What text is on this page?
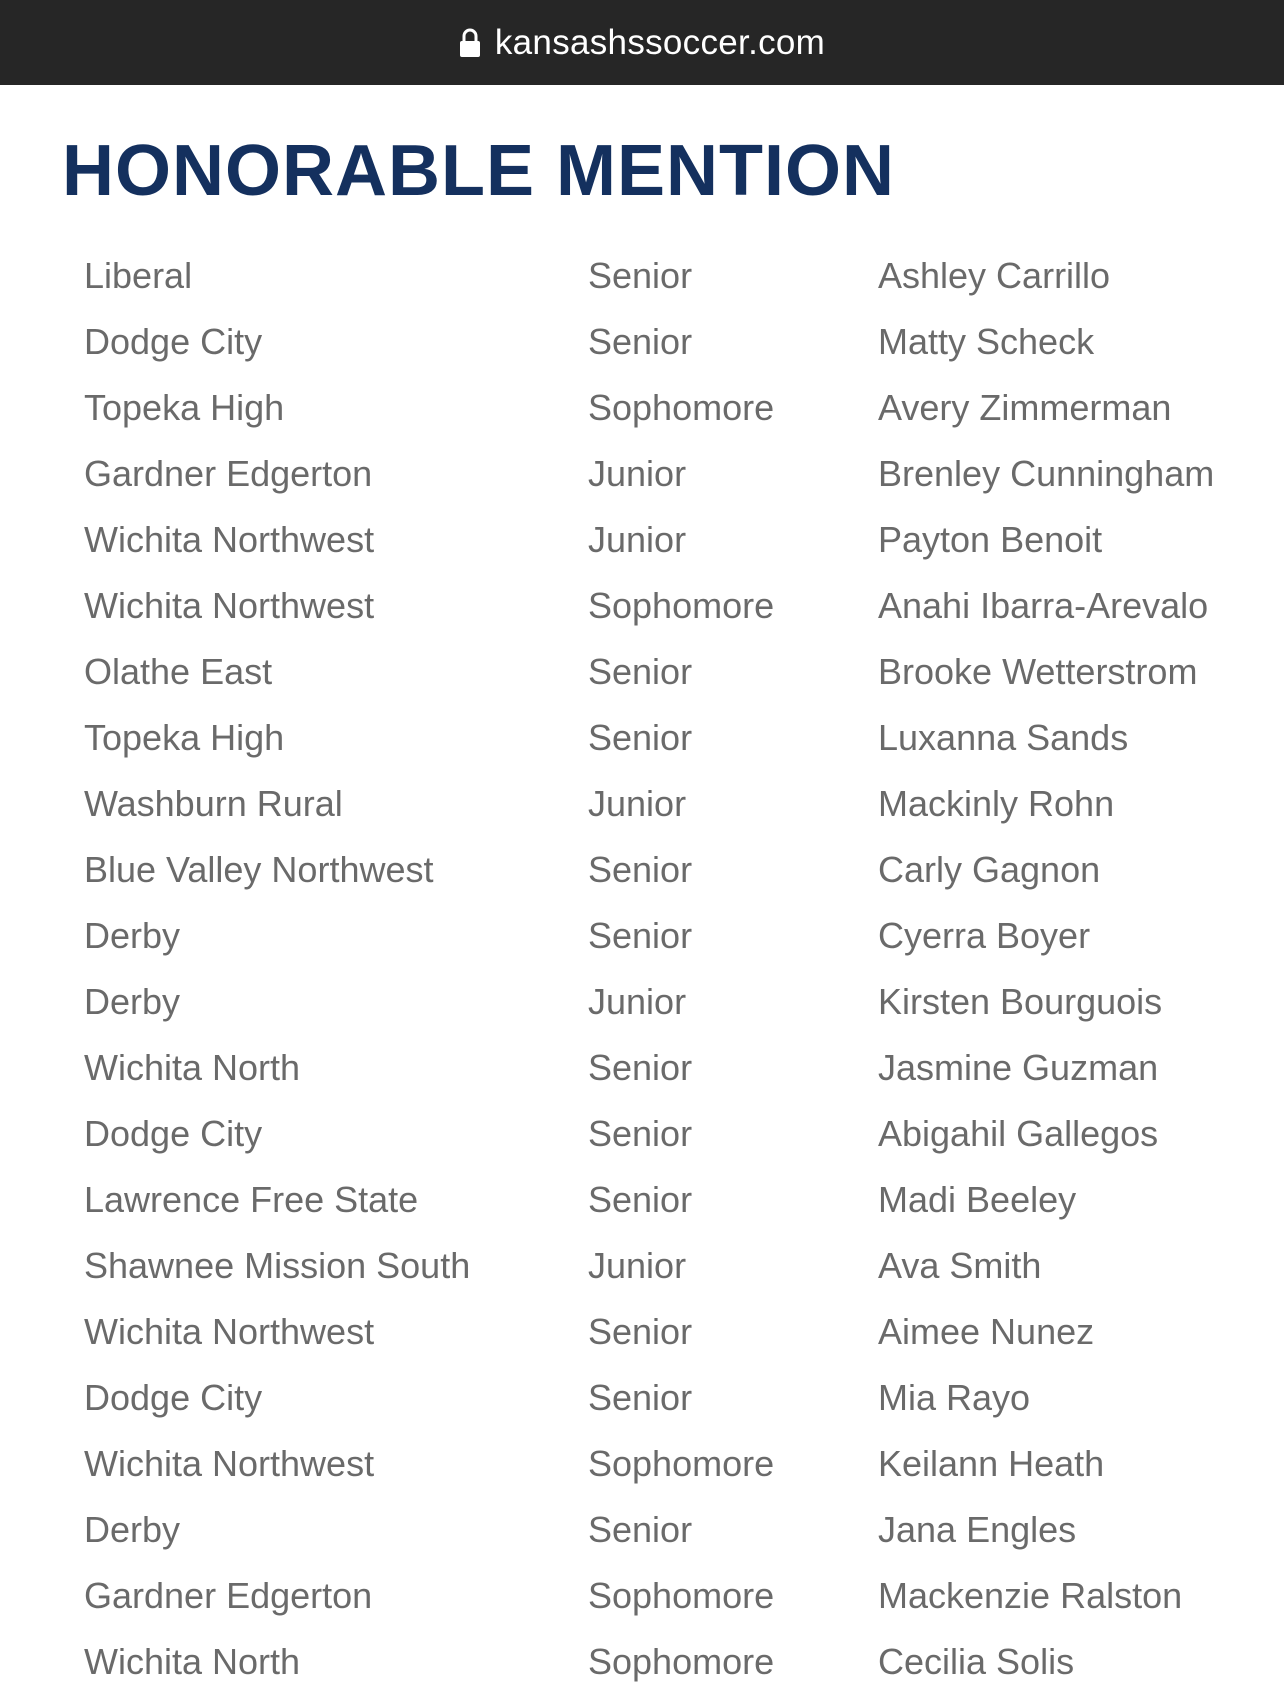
kansashssoccer.com
HONORABLE MENTION
Liberal	Senior	Ashley Carrillo
Dodge City	Senior	Matty Scheck
Topeka High	Sophomore	Avery Zimmerman
Gardner Edgerton	Junior	Brenley Cunningham
Wichita Northwest	Junior	Payton Benoit
Wichita Northwest	Sophomore	Anahi Ibarra-Arevalo
Olathe East	Senior	Brooke Wetterstrom
Topeka High	Senior	Luxanna Sands
Washburn Rural	Junior	Mackinly Rohn
Blue Valley Northwest	Senior	Carly Gagnon
Derby	Senior	Cyerra Boyer
Derby	Junior	Kirsten Bourguois
Wichita North	Senior	Jasmine Guzman
Dodge City	Senior	Abigahil Gallegos
Lawrence Free State	Senior	Madi Beeley
Shawnee Mission South	Junior	Ava Smith
Wichita Northwest	Senior	Aimee Nunez
Dodge City	Senior	Mia Rayo
Wichita Northwest	Sophomore	Keilann Heath
Derby	Senior	Jana Engles
Gardner Edgerton	Sophomore	Mackenzie Ralston
Wichita North	Sophomore	Cecilia Solis
